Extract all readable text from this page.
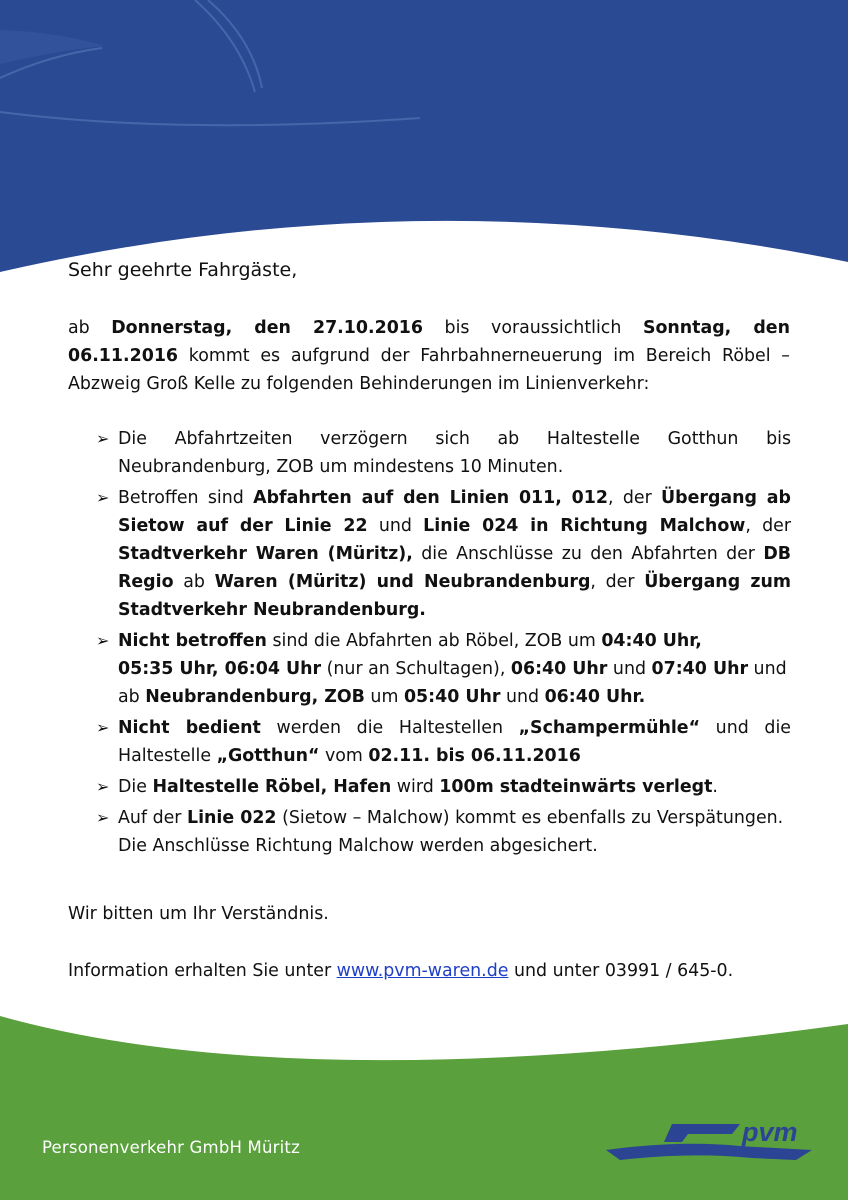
Sehr geehrte Fahrgäste,
ab Donnerstag, den 27.10.2016 bis voraussichtlich Sonntag, den 06.11.2016 kommt es aufgrund der Fahrbahnerneuerung im Bereich Röbel – Abzweig Groß Kelle zu folgenden Behinderungen im Linienverkehr:
➢ Die Abfahrtzeiten verzögern sich ab Haltestelle Gotthun bis Neubrandenburg, ZOB um mindestens 10 Minuten.
➢ Betroffen sind Abfahrten auf den Linien 011, 012, der Übergang ab Sietow auf der Linie 22 und Linie 024 in Richtung Malchow, der Stadtverkehr Waren (Müritz), die Anschlüsse zu den Abfahrten der DB Regio ab Waren (Müritz) und Neubrandenburg, der Übergang zum Stadtverkehr Neubrandenburg.
➢ Nicht betroffen sind die Abfahrten ab Röbel, ZOB um 04:40 Uhr,
05:35 Uhr, 06:04 Uhr (nur an Schultagen), 06:40 Uhr und 07:40 Uhr und ab Neubrandenburg, ZOB um 05:40 Uhr und 06:40 Uhr.
➢ Nicht bedient werden die Haltestellen „Schampermühle“ und die Haltestelle „Gotthun“ vom 02.11. bis 06.11.2016
➢ Die Haltestelle Röbel, Hafen wird 100m stadteinwärts verlegt.
➢ Auf der Linie 022 (Sietow – Malchow) kommt es ebenfalls zu Verspätungen.
Die Anschlüsse Richtung Malchow werden abgesichert.
Wir bitten um Ihr Verständnis.
Information erhalten Sie unter www.pvm-waren.de und unter 03991 / 645-0.
Personenverkehr GmbH Müritz
pvm
